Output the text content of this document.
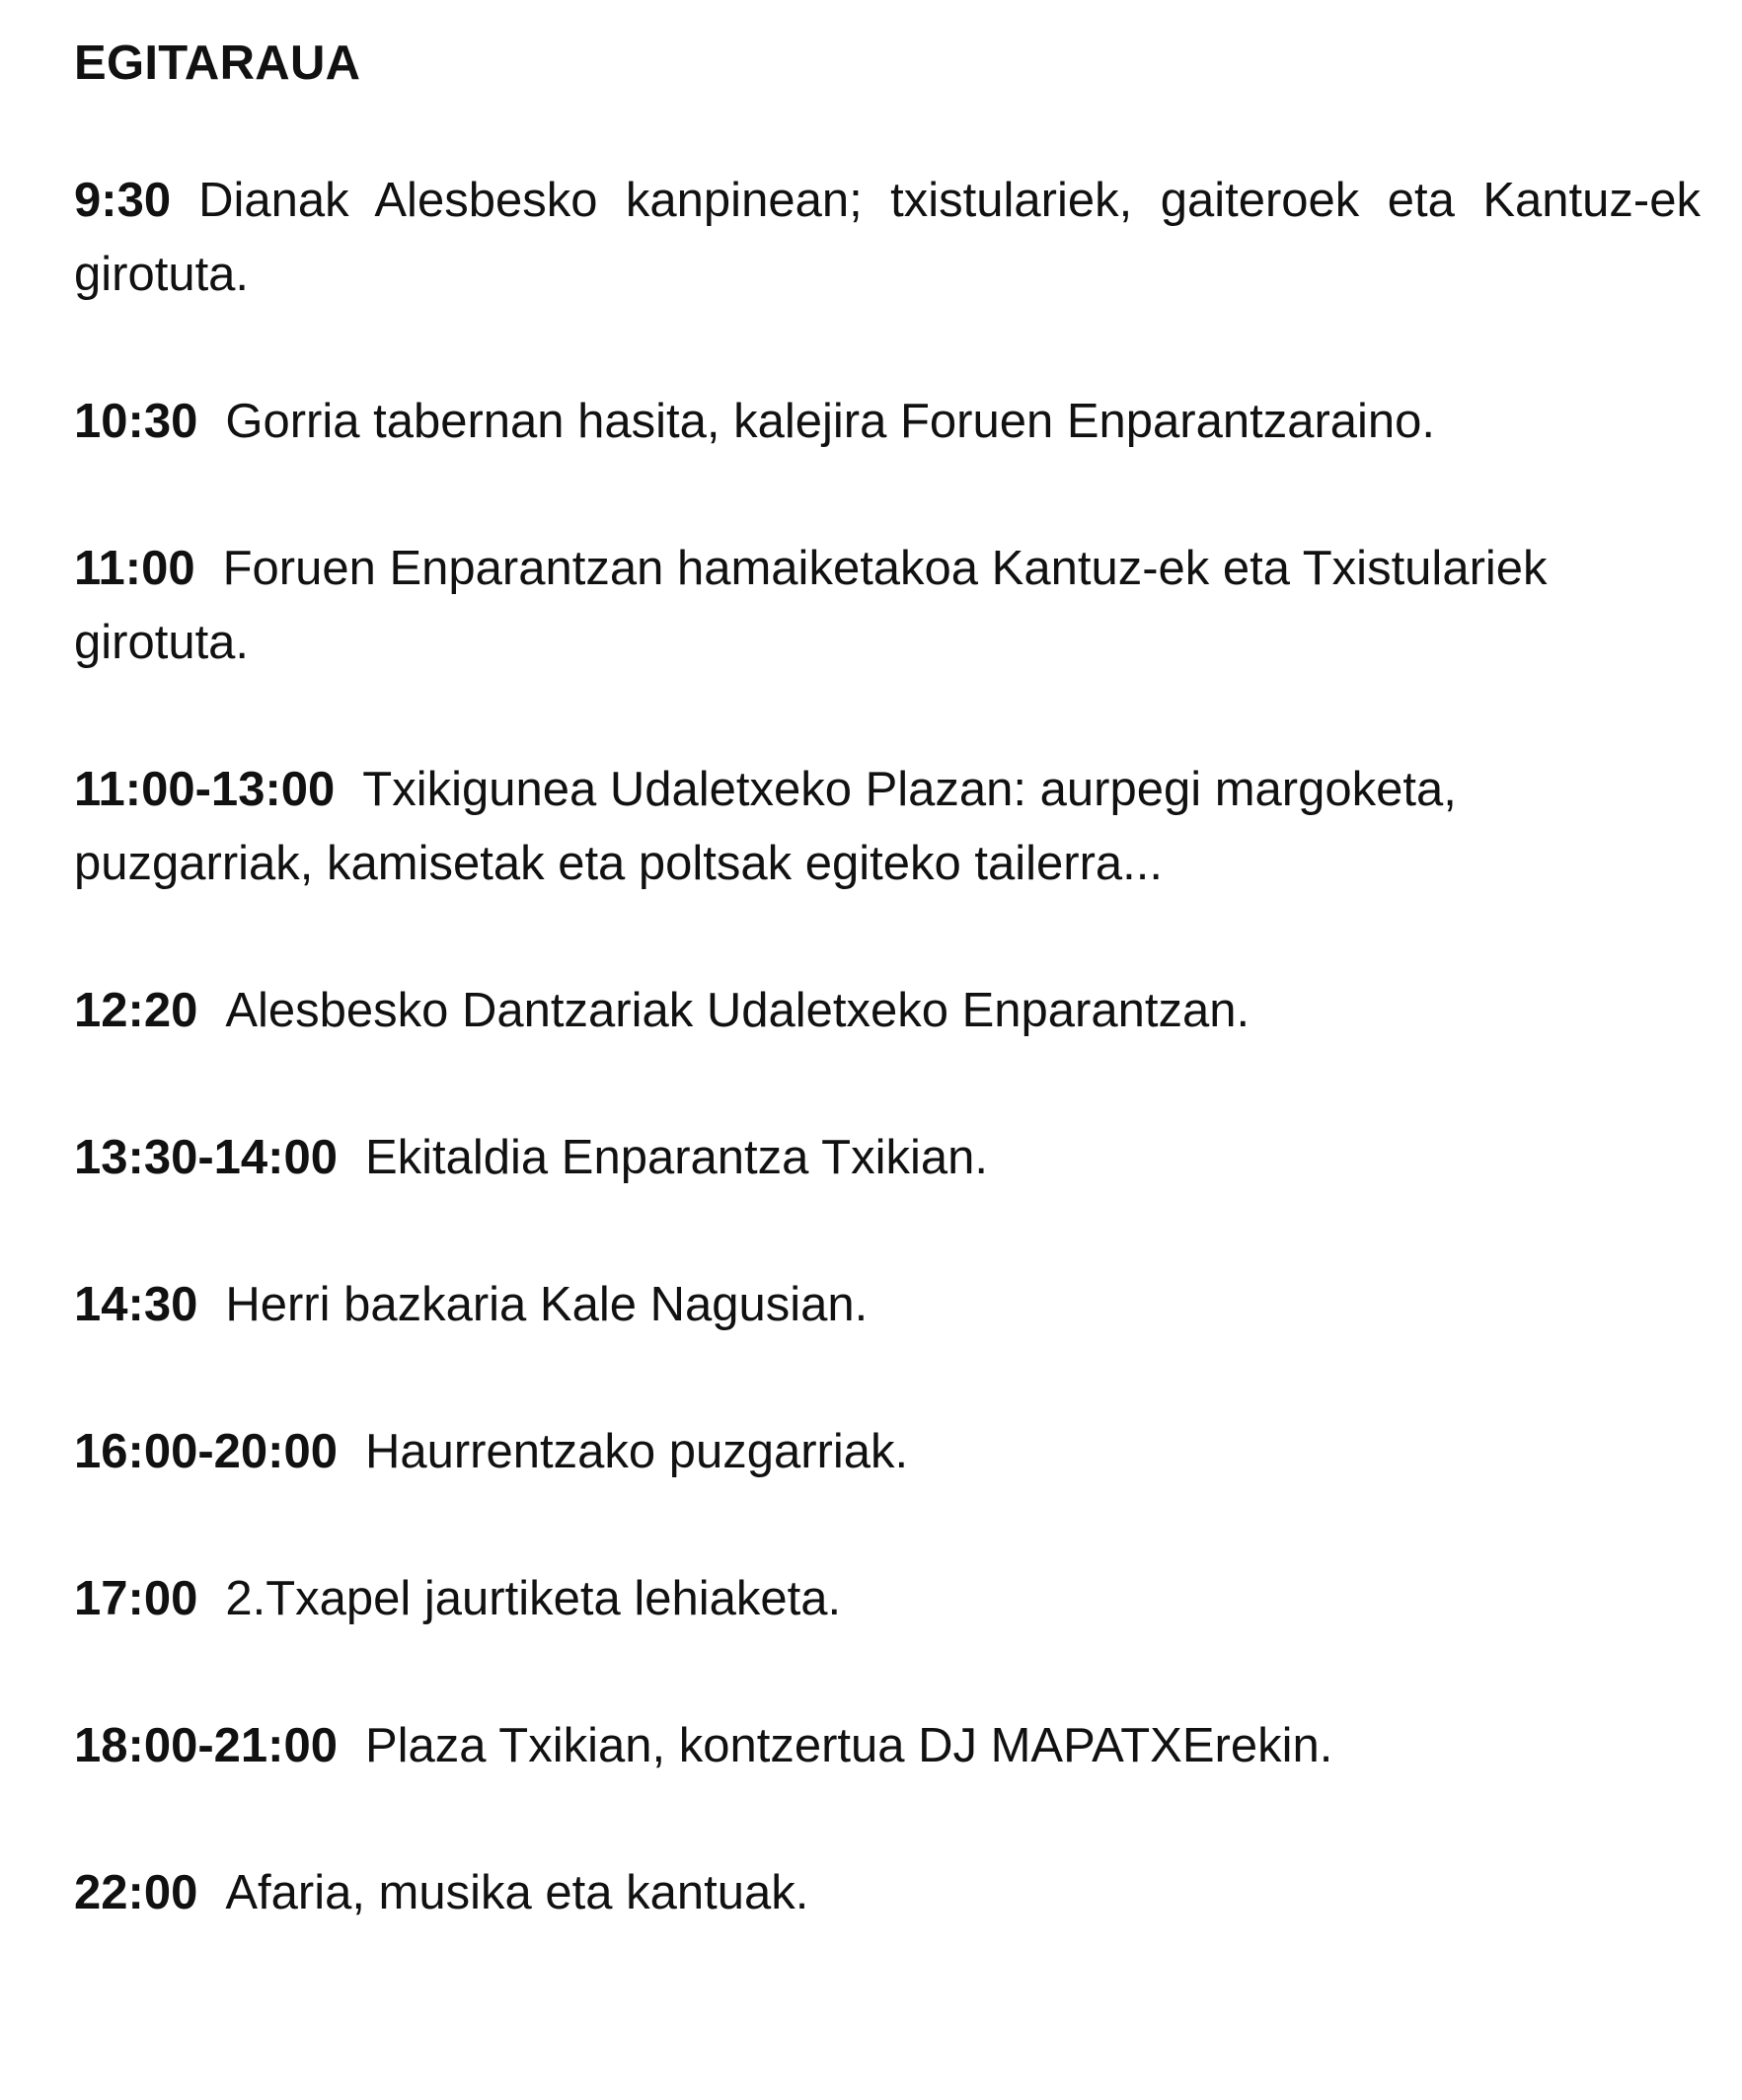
EGITARAUA
9:30 Dianak Alesbesko kanpinean; txistulariek, gaiteroek eta Kantuz-ek girotuta.
10:30 Gorria tabernan hasita, kalejira Foruen Enparantzaraino.
11:00 Foruen Enparantzan hamaiketakoa Kantuz-ek eta Txistulariek girotuta.
11:00-13:00 Txikigunea Udaletxeko Plazan: aurpegi margoketa, puzgarriak, kamisetak eta poltsak egiteko tailerra...
12:20 Alesbesko Dantzariak Udaletxeko Enparantzan.
13:30-14:00 Ekitaldia Enparantza Txikian.
14:30 Herri bazkaria Kale Nagusian.
16:00-20:00 Haurrentzako puzgarriak.
17:00 2.Txapel jaurtiketa lehiaketa.
18:00-21:00 Plaza Txikian, kontzertua DJ MAPATXErekin.
22:00 Afaria, musika eta kantuak.
